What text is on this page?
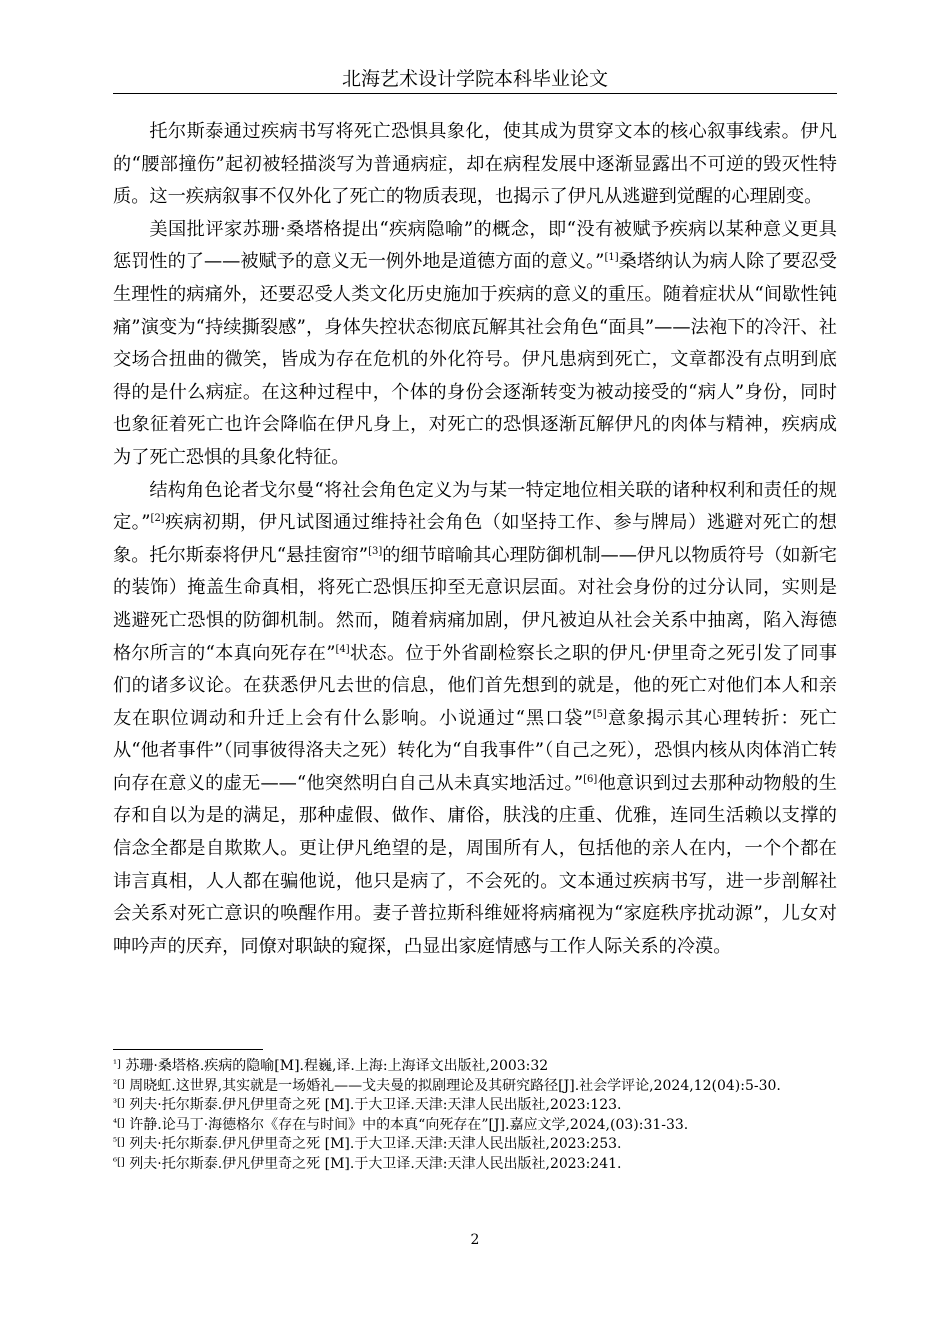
北海艺术设计学院本科毕业论文

托尔斯泰通过疾病书写将死亡恐惧具象化，使其成为贯穿文本的核心叙事线索。伊凡的“腰部撞伤”起初被轻描淡写为普通病症，却在病程发展中逐渐显露出不可逆的毁灭性特质。这一疾病叙事不仅外化了死亡的物质表现，也揭示了伊凡从逃避到觉醒的心理剧变。

美国批评家苏珊·桑塔格提出“疾病隐喻”的概念，即“没有被赋予疾病以某种意义更具惩罚性的了——被赋予的意义无一例外地是道德方面的意义。”[1]桑塔纳认为病人除了要忍受生理性的病痛外，还要忍受人类文化历史施加于疾病的意义的重压。随着症状从“间歇性钝痛”演变为“持续撕裂感”，身体失控状态彻底瓦解其社会角色“面具”——法袍下的冷汗、社交场合扭曲的微笑，皆成为存在危机的外化符号。伊凡患病到死亡，文章都没有点明到底得的是什么病症。在这种过程中，个体的身份会逐渐转变为被动接受的“病人”身份，同时也象征着死亡也许会降临在伊凡身上，对死亡的恐惧逐渐瓦解伊凡的肉体与精神，疾病成为了死亡恐惧的具象化特征。

结构角色论者戈尔曼“将社会角色定义为与某一特定地位相关联的诸种权利和责任的规定。”[2]疾病初期，伊凡试图通过维持社会角色（如坚持工作、参与牌局）逃避对死亡的想象。托尔斯泰将伊凡“悬挂窗帘”[3]的细节暗喻其心理防御机制——伊凡以物质符号（如新宅的装饰）掩盖生命真相，将死亡恐惧压抑至无意识层面。对社会身份的过分认同，实则是逃避死亡恐惧的防御机制。然而，随着病痛加剧，伊凡被迫从社会关系中抽离，陷入海德格尔所言的“本真向死存在”[4]状态。位于外省副检察长之职的伊凡·伊里奇之死引发了同事们的诸多议论。在获悉伊凡去世的信息，他们首先想到的就是，他的死亡对他们本人和亲友在职位调动和升迁上会有什么影响。小说通过“黑口袋”[5]意象揭示其心理转折：死亡从“他者事件”（同事彼得洛夫之死）转化为“自我事件”（自己之死），恐惧内核从肉体消亡转向存在意义的虚无——“他突然明白自己从未真实地活过。”[6]他意识到过去那种动物般的生存和自以为是的满足，那种虚假、做作、庸俗，肤浅的庄重、优雅，连同生活赖以支撑的信念全都是自欺欺人。更让伊凡绝望的是，周围所有人，包括他的亲人在内，一个个都在讳言真相，人人都在骗他说，他只是病了，不会死的。文本通过疾病书写，进一步剖解社会关系对死亡意识的唤醒作用。妻子普拉斯科维娅将病痛视为“家庭秩序扰动源”，儿女对呻吟声的厌弃，同僚对职缺的窥探，凸显出家庭情感与工作人际关系的冷漠。

$^{^1]}$ 苏珊·桑塔格.疾病的隐喻[M].程巍,译.上海:上海译文出版社,2003:32
$^{^2[]}$ 周晓虹.这世界,其实就是一场婚礼——戈夫曼的拟剧理论及其研究路径[J].社会学评论,2024,12(04):5-30.
$^{^3[]}$ 列夫·托尔斯泰.伊凡伊里奇之死 [M].于大卫译.天津:天津人民出版社,2023:123.
$^{^4[]}$ 许静.论马丁·海德格尔《存在与时间》中的本真“向死存在”[J].嘉应文学,2024,(03):31-33.
$^{^5[]}$ 列夫·托尔斯泰.伊凡伊里奇之死 [M].于大卫译.天津:天津人民出版社,2023:253.
$^{^6[]}$ 列夫·托尔斯泰.伊凡伊里奇之死 [M].于大卫译.天津:天津人民出版社,2023:241.
2
